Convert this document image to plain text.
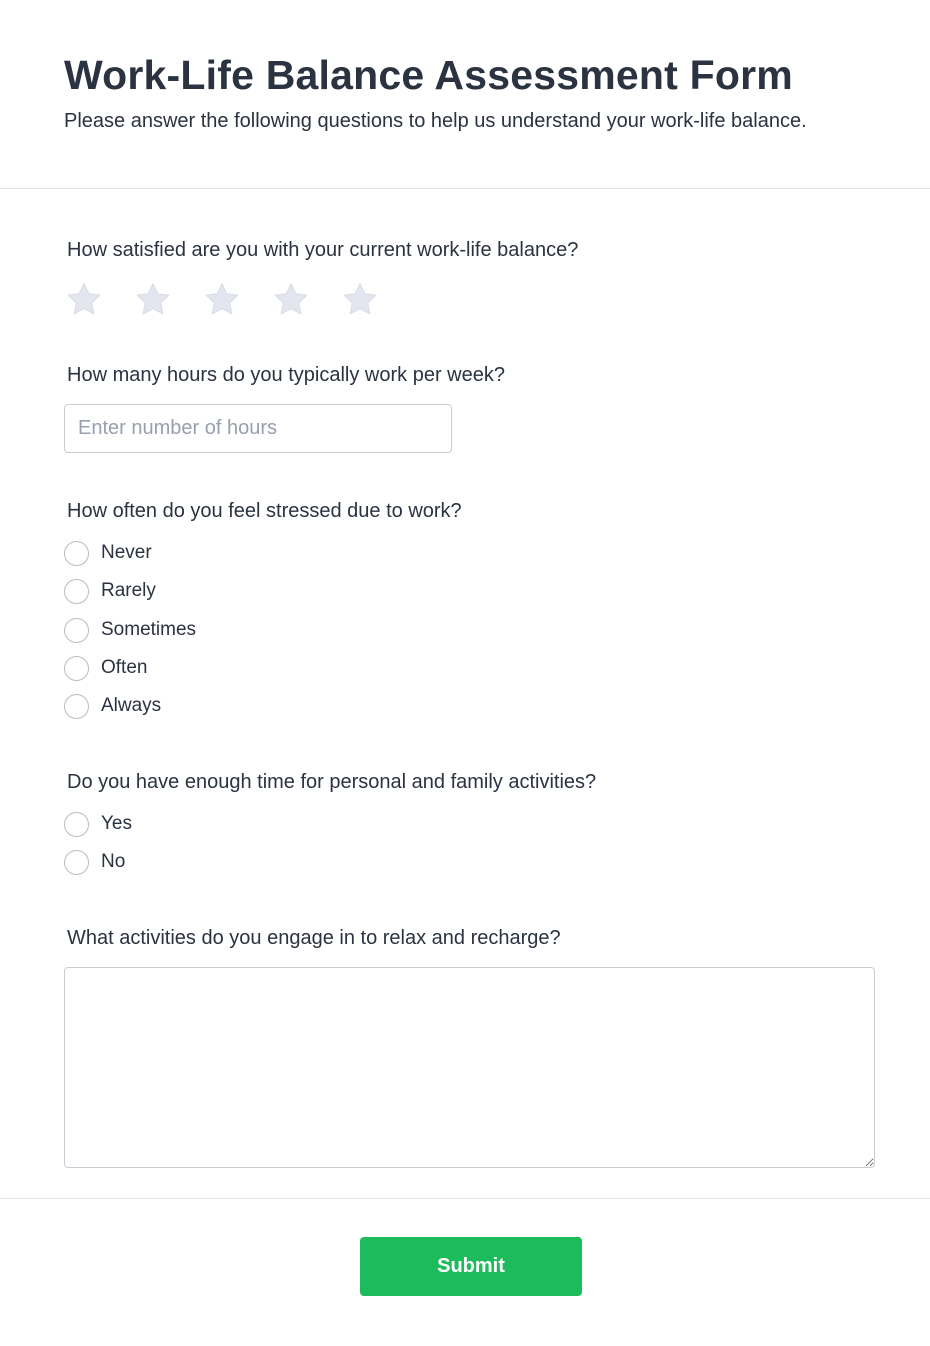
Work-Life Balance Assessment Form

Please answer the following questions to help us understand your work-life balance.

How satisfied are you with your current work-life balance?
How many hours do you typically work per week?
Enter number of hours
How often do you feel stressed due to work?
Never
Rarely
Sometimes
Often
Always
Do you have enough time for personal and family activities?
Yes
No
What activities do you engage in to relax and recharge?
Submit
